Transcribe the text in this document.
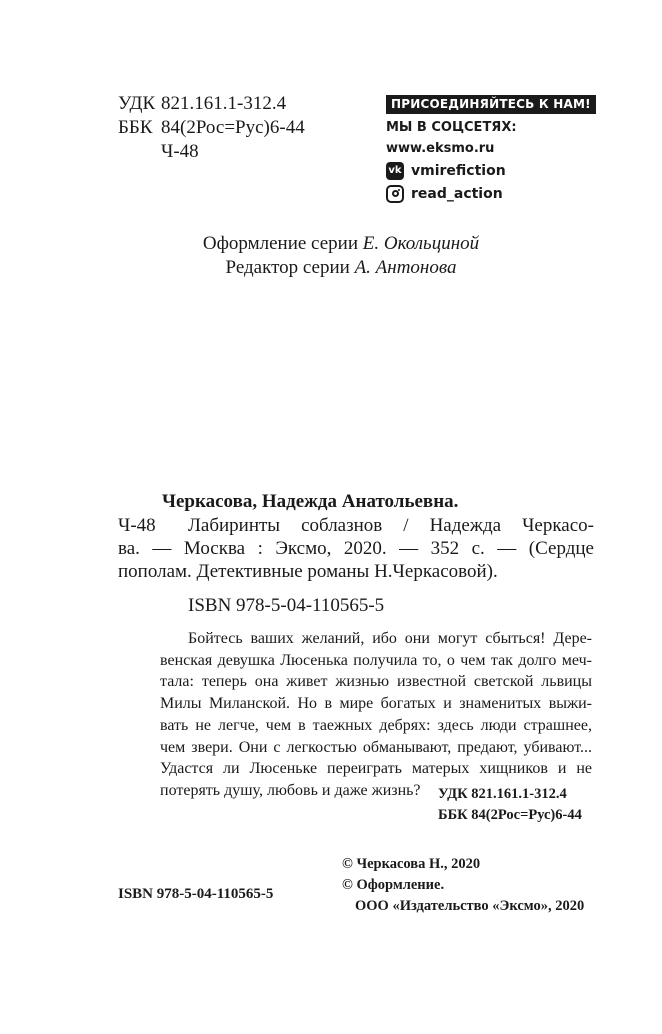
УДК 821.161.1-312.4
ББК 84(2Рос=Рус)6-44
Ч-48
ПРИСОЕДИНЯЙТЕСЬ К НАМ!
МЫ В СОЦСЕТЯХ:
www.eksmo.ru
vk vmirefiction
read_action
Оформление серии Е. Окольциной
Редактор серии А. Антонова
Черкасова, Надежда Анатольевна.
Ч-48	Лабиринты соблазнов / Надежда Черкасо-
ва. — Москва : Эксмо, 2020. — 352 с. — (Сердце
пополам. Детективные романы Н.Черкасовой).
ISBN 978-5-04-110565-5
Бойтесь ваших желаний, ибо они могут сбыться! Дере-
венская девушка Люсенька получила то, о чем так долго меч-
тала: теперь она живет жизнью известной светской львицы
Милы Миланской. Но в мире богатых и знаменитых выжи-
вать не легче, чем в таежных дебрях: здесь люди страшнее,
чем звери. Они с легкостью обманывают, предают, убивают...
Удастся ли Люсеньке переиграть матерых хищников и не
потерять душу, любовь и даже жизнь?	УДК 821.161.1-312.4
ББК 84(2Рос=Рус)6-44
© Черкасова Н., 2020
© Оформление.
ООО «Издательство «Эксмо», 2020
ISBN 978-5-04-110565-5
